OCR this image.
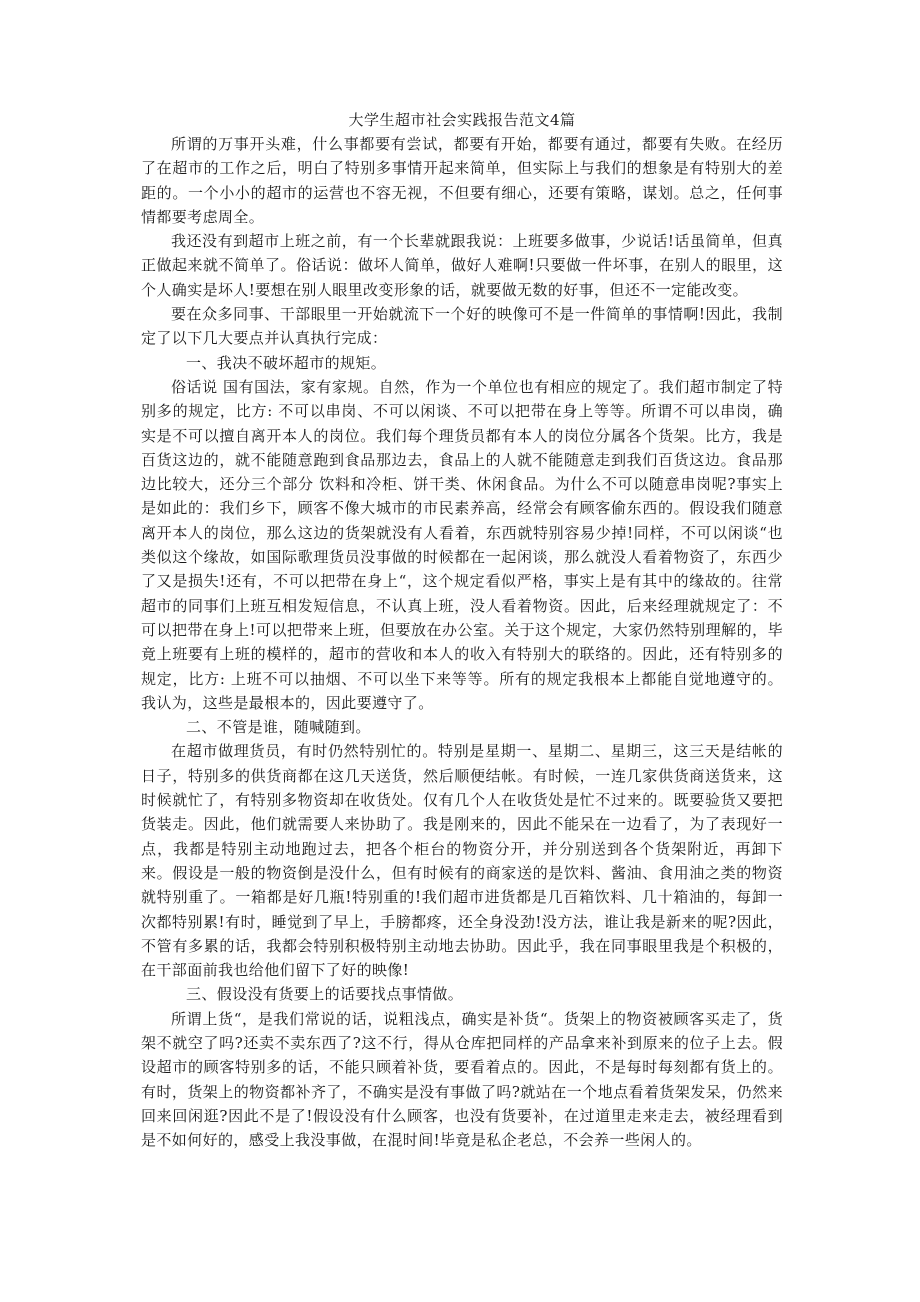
大学生超市社会实践报告范文4篇

所谓的万事开头难，什么事都要有尝试，都要有开始，都要有通过，都要有失败。在经历了在超市的工作之后，明白了特别多事情开起来简单，但实际上与我们的想象是有特别大的差距的。一个小小的超市的运营也不容无视，不但要有细心，还要有策略，谋划。总之，任何事情都要考虑周全。

我还没有到超市上班之前，有一个长辈就跟我说：上班要多做事，少说话!话虽简单，但真正做起来就不简单了。俗话说：做坏人简单，做好人难啊!只要做一件坏事，在别人的眼里，这个人确实是坏人!要想在别人眼里改变形象的话，就要做无数的好事，但还不一定能改变。

要在众多同事、干部眼里一开始就流下一个好的映像可不是一件简单的事情啊!因此，我制定了以下几大要点并认真执行完成：

一、我决不破坏超市的规矩。

俗话说 国有国法，家有家规。自然，作为一个单位也有相应的规定了。我们超市制定了特别多的规定，比方: 不可以串岗、不可以闲谈、不可以把带在身上等等。所谓不可以串岗，确实是不可以擅自离开本人的岗位。我们每个理货员都有本人的岗位分属各个货架。比方，我是百货这边的，就不能随意跑到食品那边去，食品上的人就不能随意走到我们百货这边。食品那边比较大，还分三个部分 饮料和冷柜、饼干类、休闲食品。为什么不可以随意串岗呢?事实上是如此的：我们乡下，顾客不像大城市的市民素养高，经常会有顾客偷东西的。假设我们随意离开本人的岗位，那么这边的货架就没有人看着，东西就特别容易少掉!同样，不可以闲谈“也类似这个缘故，如国际歌理货员没事做的时候都在一起闲谈，那么就没人看着物资了，东西少了又是损失!还有，不可以把带在身上“，这个规定看似严格，事实上是有其中的缘故的。往常超市的同事们上班互相发短信息，不认真上班，没人看着物资。因此，后来经理就规定了：不可以把带在身上!可以把带来上班，但要放在办公室。关于这个规定，大家仍然特别理解的，毕竟上班要有上班的模样的，超市的营收和本人的收入有特别大的联络的。因此，还有特别多的规定，比方: 上班不可以抽烟、不可以坐下来等等。所有的规定我根本上都能自觉地遵守的。我认为，这些是最根本的，因此要遵守了。

二、不管是谁，随喊随到。

在超市做理货员，有时仍然特别忙的。特别是星期一、星期二、星期三，这三天是结帐的日子，特别多的供货商都在这几天送货，然后顺便结帐。有时候，一连几家供货商送货来，这时候就忙了，有特别多物资却在收货处。仅有几个人在收货处是忙不过来的。既要验货又要把货装走。因此，他们就需要人来协助了。我是刚来的，因此不能呆在一边看了，为了表现好一点，我都是特别主动地跑过去，把各个柜台的物资分开，并分别送到各个货架附近，再卸下来。假设是一般的物资倒是没什么，但有时候有的商家送的是饮料、酱油、食用油之类的物资就特别重了。一箱都是好几瓶!特别重的!我们超市进货都是几百箱饮料、几十箱油的，每卸一次都特别累!有时，睡觉到了早上，手膀都疼，还全身没劲!没方法，谁让我是新来的呢?因此，不管有多累的话，我都会特别积极特别主动地去协助。因此乎，我在同事眼里我是个积极的，在干部面前我也给他们留下了好的映像!

三、假设没有货要上的话要找点事情做。

所谓上货“，是我们常说的话，说粗浅点，确实是补货“。货架上的物资被顾客买走了，货架不就空了吗?还卖不卖东西了?这不行，得从仓库把同样的产品拿来补到原来的位子上去。假设超市的顾客特别多的话，不能只顾着补货，要看着点的。因此，不是每时每刻都有货上的。有时，货架上的物资都补齐了，不确实是没有事做了吗?就站在一个地点看着货架发呆，仍然来回来回闲逛?因此不是了!假设没有什么顾客，也没有货要补，在过道里走来走去，被经理看到是不如何好的，感受上我没事做，在混时间!毕竟是私企老总，不会养一些闲人的。
